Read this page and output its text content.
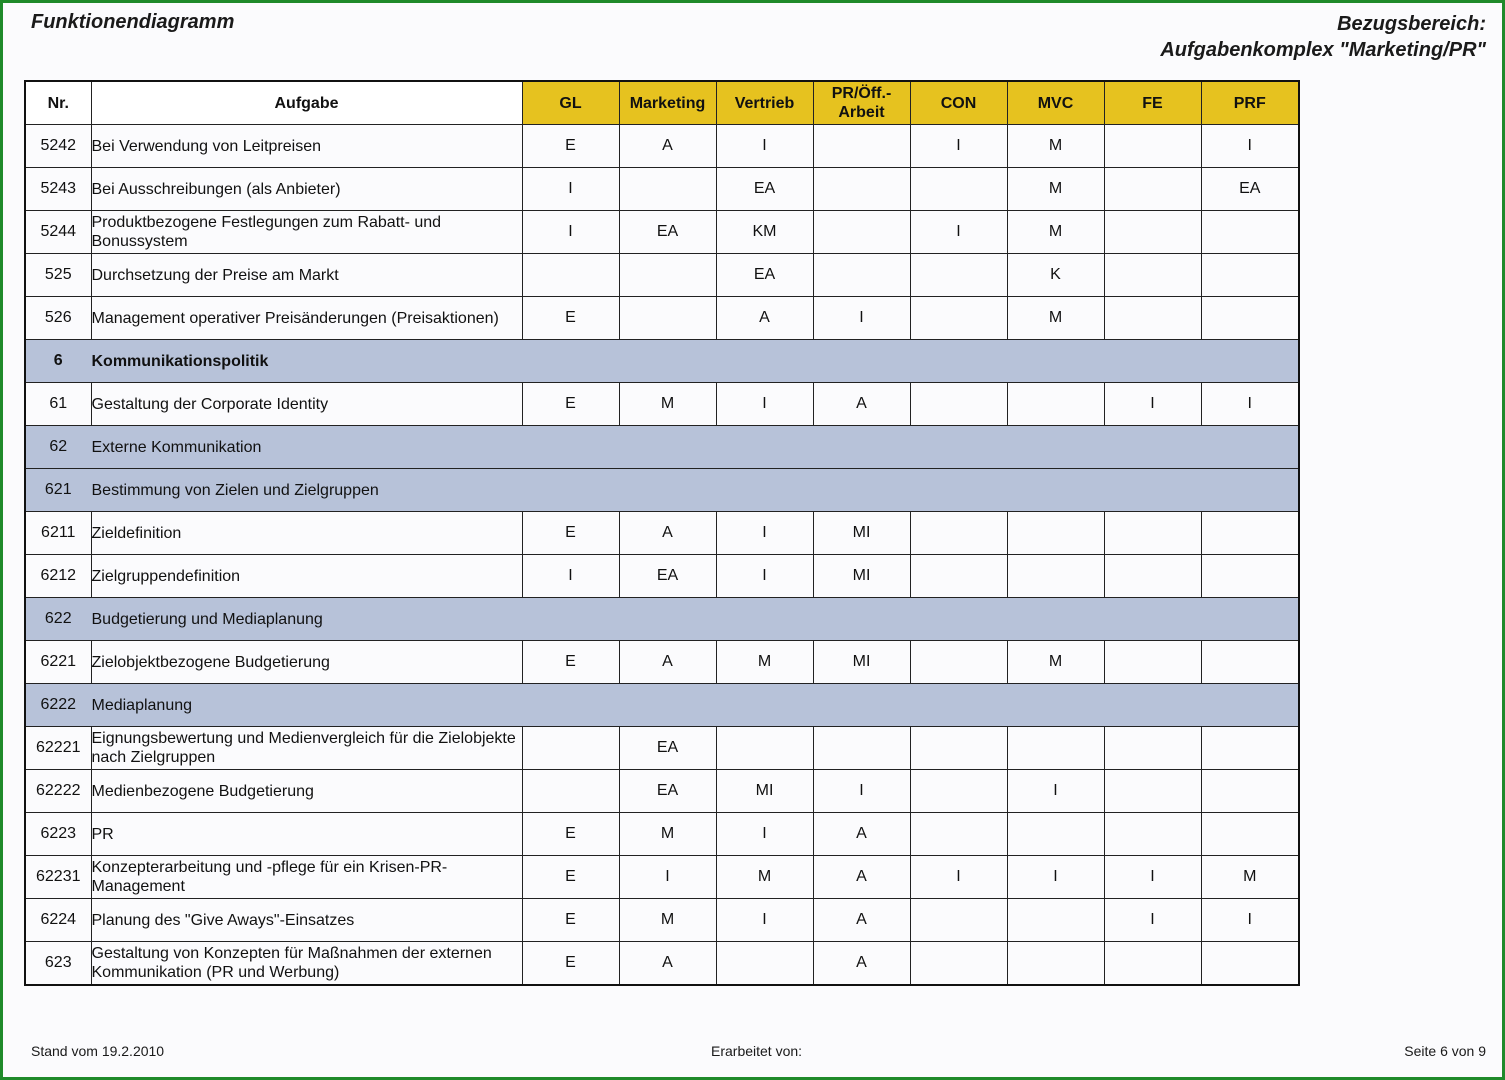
Funktionendiagramm	Bezugsbereich:
Aufgabenkomplex "Marketing/PR"
Nr.	Aufgabe	GL	Marketing	Vertrieb	PR/Öff.-Arbeit	CON	MVC	FE	PRF
5242	Bei Verwendung von Leitpreisen	E	A	I		I	M		I
5243	Bei Ausschreibungen (als Anbieter)	I		EA			M		EA
5244	Produktbezogene Festlegungen zum Rabatt- und Bonussystem	I	EA	KM		I	M		
525	Durchsetzung der Preise am Markt			EA			K		
526	Management operativer Preisänderungen (Preisaktionen)	E		A	I		M		
6	Kommunikationspolitik								
61	Gestaltung der Corporate Identity	E	M	I	A			I	I
62	Externe Kommunikation								
621	Bestimmung von Zielen und Zielgruppen								
6211	Zieldefinition	E	A	I	MI				
6212	Zielgruppendefinition	I	EA	I	MI				
622	Budgetierung und Mediaplanung								
6221	Zielobjektbezogene Budgetierung	E	A	M	MI		M		
6222	Mediaplanung								
62221	Eignungsbewertung und Medienvergleich für die Zielobjekte nach Zielgruppen		EA						
62222	Medienbezogene Budgetierung		EA	MI	I		I		
6223	PR	E	M	I	A				
62231	Konzepterarbeitung und -pflege für ein Krisen-PR-Management	E	I	M	A	I	I	I	M
6224	Planung des "Give Aways"-Einsatzes	E	M	I	A			I	I
623	Gestaltung von Konzepten für Maßnahmen der externen Kommunikation (PR und Werbung)	E	A		A				
Stand vom 19.2.2010	Erarbeitet von:	Seite 6 von 9
